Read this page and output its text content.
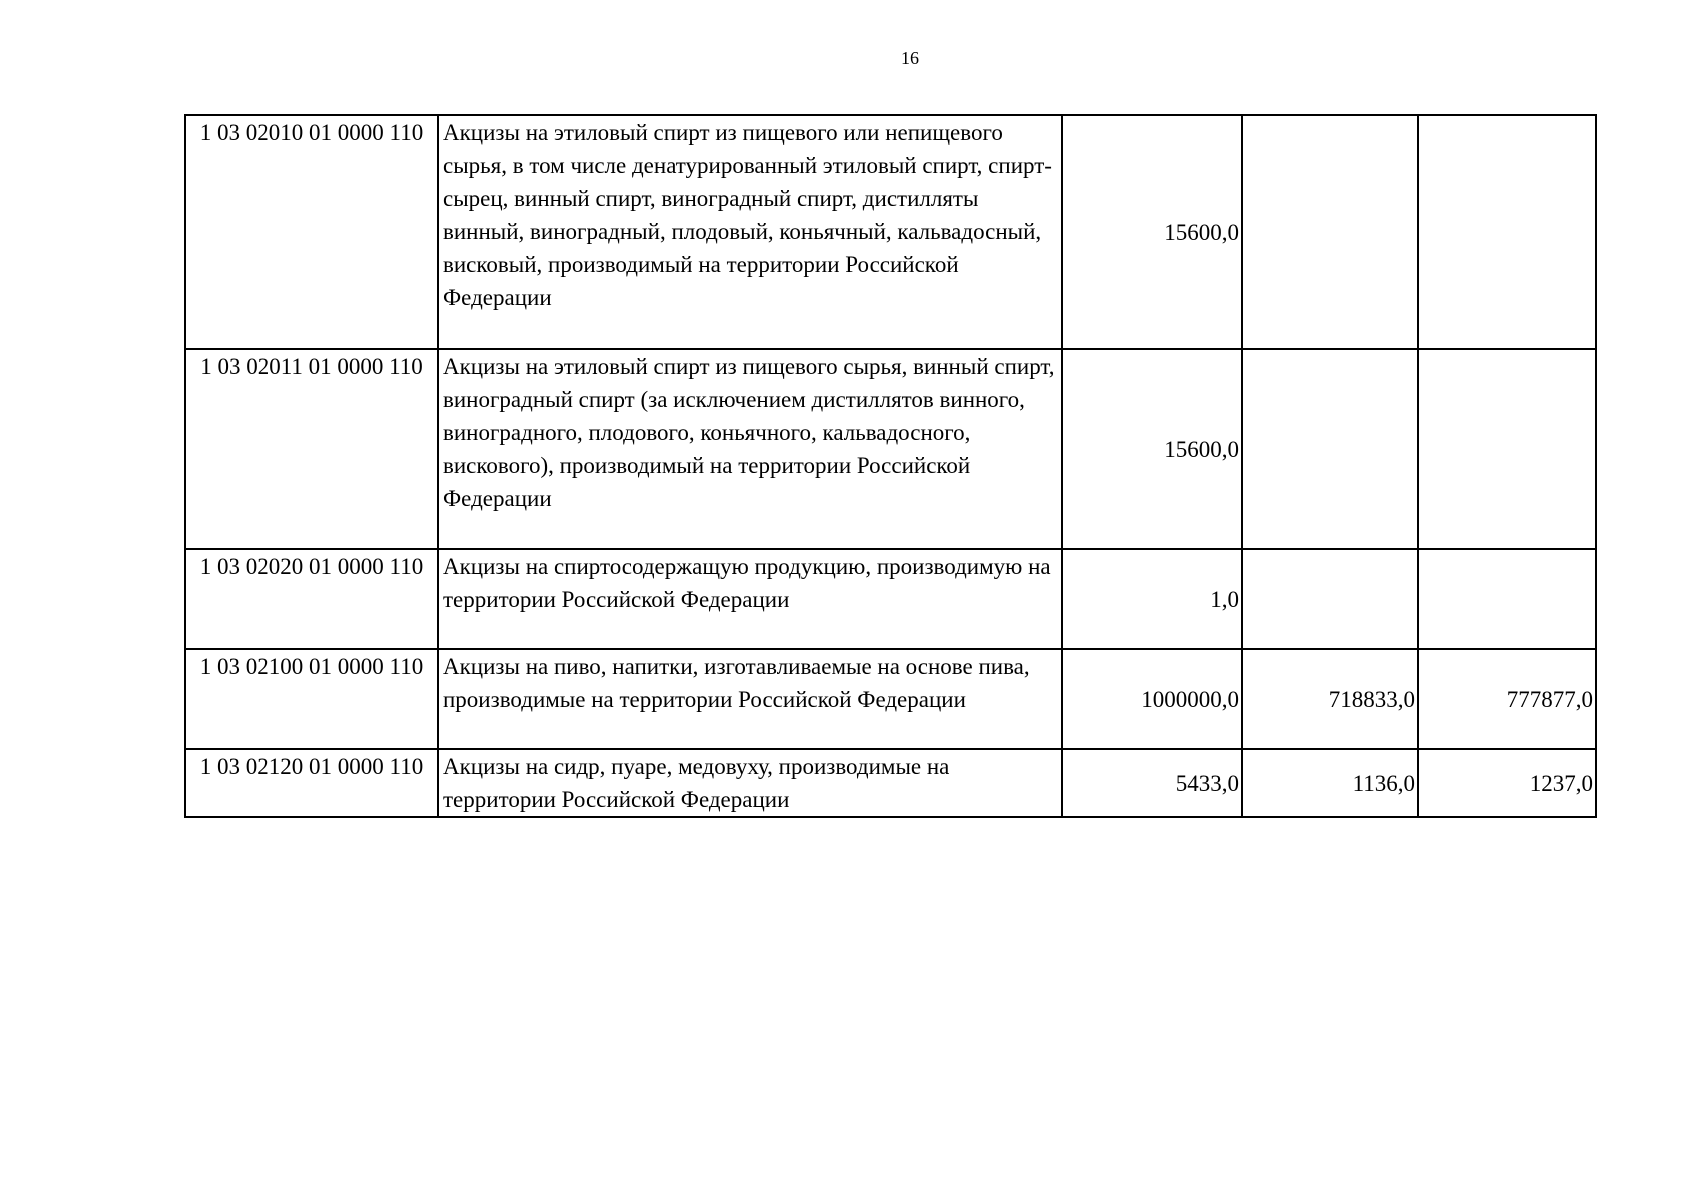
16
1 03 02010 01 0000 110	Акцизы на этиловый спирт из пищевого или непищевого сырья, в том числе денатурированный этиловый спирт, спирт-сырец, винный спирт, виноградный спирт, дистилляты винный, виноградный, плодовый, коньячный, кальвадосный, висковый, производимый на территории Российской Федерации	15600,0		
1 03 02011 01 0000 110	Акцизы на этиловый спирт из пищевого сырья, винный спирт, виноградный спирт (за исключением дистиллятов винного, виноградного, плодового, коньячного, кальвадосного, вискового), производимый на территории Российской Федерации	15600,0		
1 03 02020 01 0000 110	Акцизы на спиртосодержащую продукцию, производимую на территории Российской Федерации	1,0		
1 03 02100 01 0000 110	Акцизы на пиво, напитки, изготавливаемые на основе пива, производимые на территории Российской Федерации	1000000,0	718833,0	777877,0
1 03 02120 01 0000 110	Акцизы на сидр, пуаре, медовуху, производимые на территории Российской Федерации	5433,0	1136,0	1237,0
